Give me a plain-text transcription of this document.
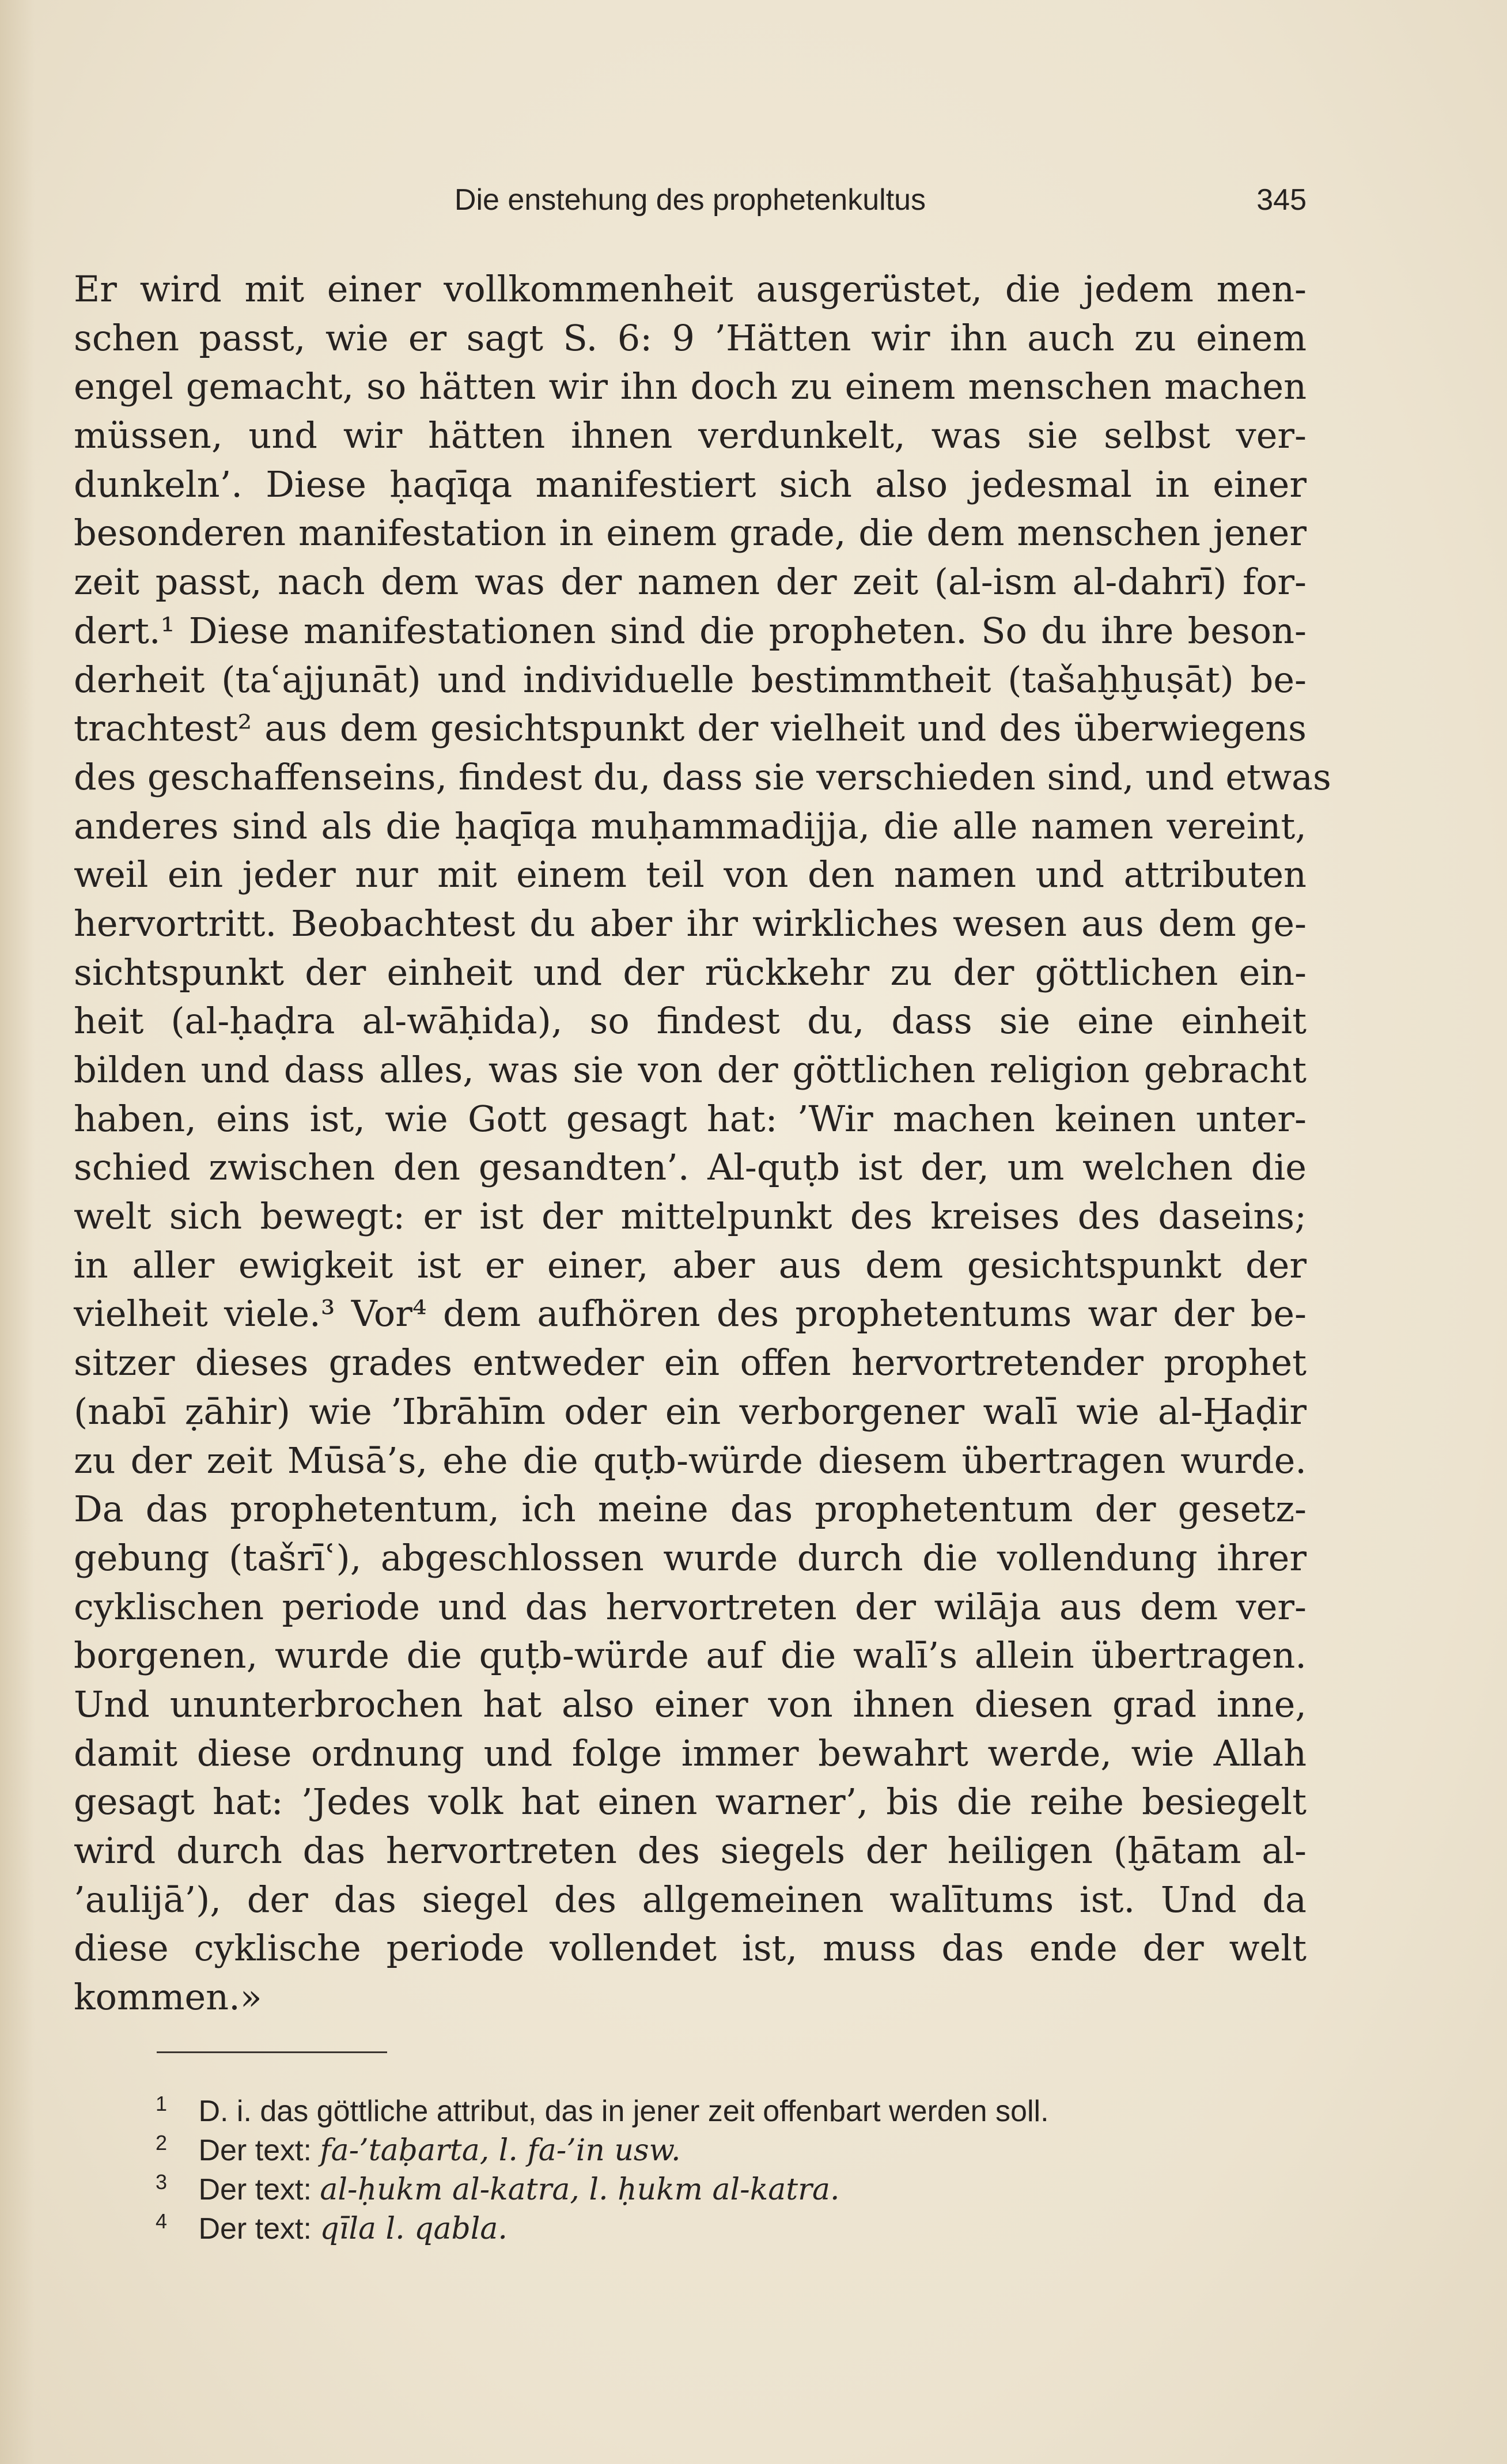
Die enstehung des prophetenkultus	345
Er wird mit einer vollkommenheit ausgerüstet, die jedem men-
schen passt, wie er sagt S. 6: 9 ’Hätten wir ihn auch zu einem
engel gemacht, so hätten wir ihn doch zu einem menschen machen
müssen, und wir hätten ihnen verdunkelt, was sie selbst ver-
dunkeln’. Diese ḥaqīqa manifestiert sich also jedesmal in einer
besonderen manifestation in einem grade, die dem menschen jener
zeit passt, nach dem was der namen der zeit (al-ism al-dahrī) for-
dert.¹ Diese manifestationen sind die propheten. So du ihre beson-
derheit (taʿajjunāt) und individuelle bestimmtheit (tašaḫḫuṣāt) be-
trachtest² aus dem gesichtspunkt der vielheit und des überwiegens
des geschaffenseins, findest du, dass sie verschieden sind, und etwas
anderes sind als die ḥaqīqa muḥammadijja, die alle namen vereint,
weil ein jeder nur mit einem teil von den namen und attributen
hervortritt. Beobachtest du aber ihr wirkliches wesen aus dem ge-
sichtspunkt der einheit und der rückkehr zu der göttlichen ein-
heit (al-ḥaḍra al-wāḥida), so findest du, dass sie eine einheit
bilden und dass alles, was sie von der göttlichen religion gebracht
haben, eins ist, wie Gott gesagt hat: ’Wir machen keinen unter-
schied zwischen den gesandten’. Al-quṭb ist der, um welchen die
welt sich bewegt: er ist der mittelpunkt des kreises des daseins;
in aller ewigkeit ist er einer, aber aus dem gesichtspunkt der
vielheit viele.³ Vor⁴ dem aufhören des prophetentums war der be-
sitzer dieses grades entweder ein offen hervortretender prophet
(nabī ẓāhir) wie ’Ibrāhīm oder ein verborgener walī wie al-Ḫaḍir
zu der zeit Mūsā’s, ehe die quṭb-würde diesem übertragen wurde.
Da das prophetentum, ich meine das prophetentum der gesetz-
gebung (tašrīʿ), abgeschlossen wurde durch die vollendung ihrer
cyklischen periode und das hervortreten der wilāja aus dem ver-
borgenen, wurde die quṭb-würde auf die walī’s allein übertragen.
Und ununterbrochen hat also einer von ihnen diesen grad inne,
damit diese ordnung und folge immer bewahrt werde, wie Allah
gesagt hat: ’Jedes volk hat einen warner’, bis die reihe besiegelt
wird durch das hervortreten des siegels der heiligen (ḫātam al-
’aulijā’), der das siegel des allgemeinen walītums ist. Und da
diese cyklische periode vollendet ist, muss das ende der welt
kommen.»
1 D. i. das göttliche attribut, das in jener zeit offenbart werden soll.
2 Der text: fa-’taḅarta, l. fa-’in usw.
3 Der text: al-ḥukm al-katra, l. ḥukm al-katra.
4 Der text: qīla l. qabla.
